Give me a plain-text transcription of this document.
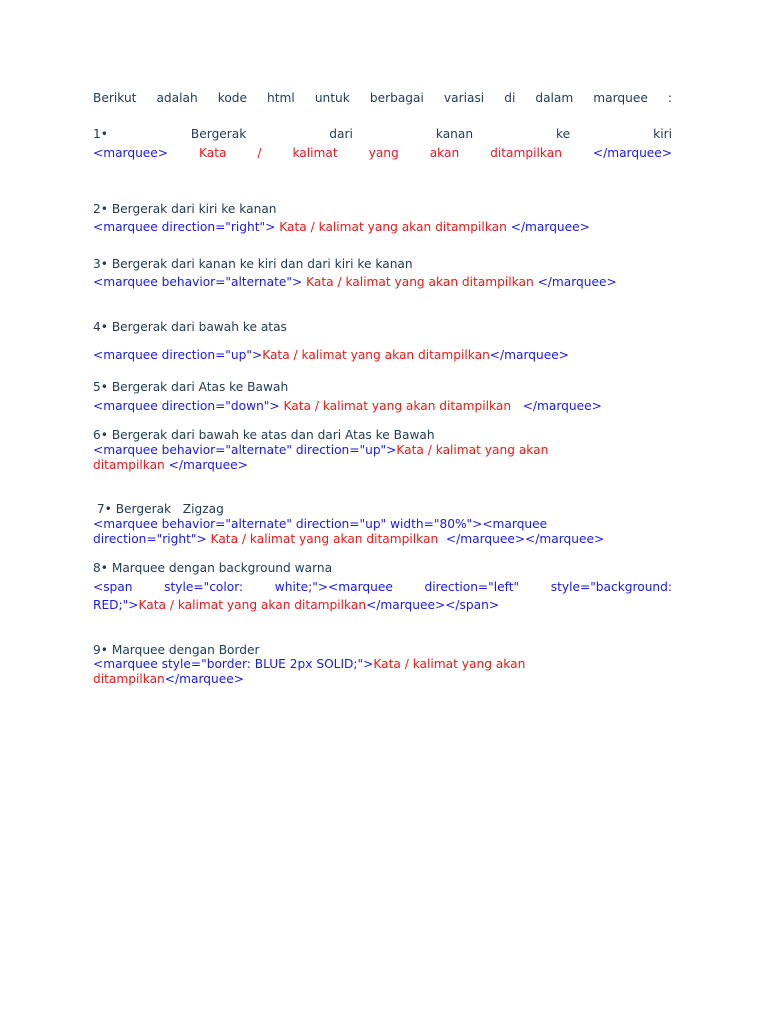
Berikut adalah kode html untuk berbagai variasi di dalam marquee :
1• Bergerak dari kanan ke kiri
<marquee> Kata / kalimat yang akan ditampilkan </marquee>
2• Bergerak dari kiri ke kanan
<marquee direction="right"> Kata / kalimat yang akan ditampilkan </marquee>
3• Bergerak dari kanan ke kiri dan dari kiri ke kanan
<marquee behavior="alternate"> Kata / kalimat yang akan ditampilkan </marquee>
4• Bergerak dari bawah ke atas
<marquee direction="up">Kata / kalimat yang akan ditampilkan</marquee>
5• Bergerak dari Atas ke Bawah
<marquee direction="down"> Kata / kalimat yang akan ditampilkan   </marquee>
6• Bergerak dari bawah ke atas dan dari Atas ke Bawah
<marquee behavior="alternate" direction="up">Kata / kalimat yang akan
ditampilkan </marquee>
7• Bergerak   Zigzag
<marquee behavior="alternate" direction="up" width="80%"><marquee
direction="right"> Kata / kalimat yang akan ditampilkan  </marquee></marquee>
8• Marquee dengan background warna
<span style="color: white;"><marquee direction="left" style="background:
RED;">Kata / kalimat yang akan ditampilkan</marquee></span>
9• Marquee dengan Border
<marquee style="border: BLUE 2px SOLID;">Kata / kalimat yang akan
ditampilkan</marquee>
